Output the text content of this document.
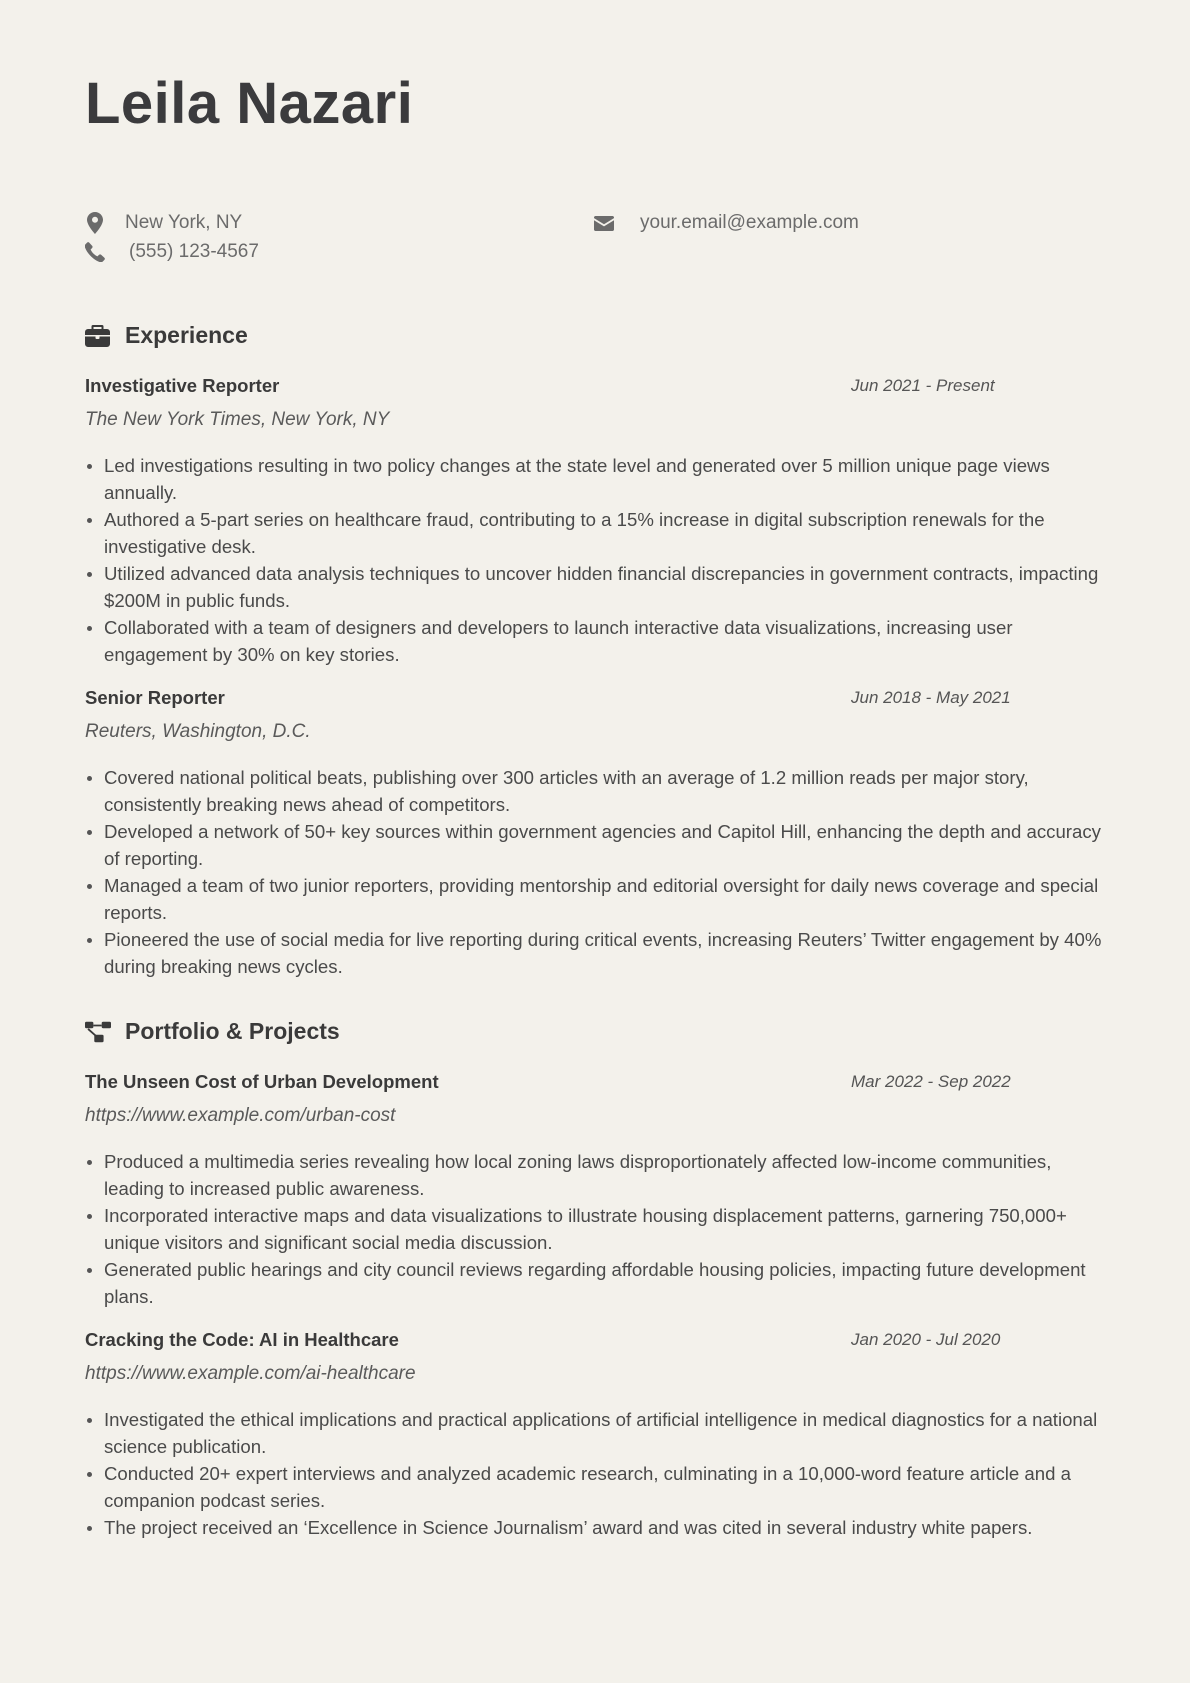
Leila Nazari
New York, NY
(555) 123-4567
your.email@example.com
Experience
Investigative Reporter	Jun 2021 - Present
The New York Times, New York, NY
Led investigations resulting in two policy changes at the state level and generated over 5 million unique page views annually.
Authored a 5-part series on healthcare fraud, contributing to a 15% increase in digital subscription renewals for the investigative desk.
Utilized advanced data analysis techniques to uncover hidden financial discrepancies in government contracts, impacting $200M in public funds.
Collaborated with a team of designers and developers to launch interactive data visualizations, increasing user engagement by 30% on key stories.
Senior Reporter	Jun 2018 - May 2021
Reuters, Washington, D.C.
Covered national political beats, publishing over 300 articles with an average of 1.2 million reads per major story, consistently breaking news ahead of competitors.
Developed a network of 50+ key sources within government agencies and Capitol Hill, enhancing the depth and accuracy of reporting.
Managed a team of two junior reporters, providing mentorship and editorial oversight for daily news coverage and special reports.
Pioneered the use of social media for live reporting during critical events, increasing Reuters’ Twitter engagement by 40% during breaking news cycles.
Portfolio & Projects
The Unseen Cost of Urban Development	Mar 2022 - Sep 2022
https://www.example.com/urban-cost
Produced a multimedia series revealing how local zoning laws disproportionately affected low-income communities, leading to increased public awareness.
Incorporated interactive maps and data visualizations to illustrate housing displacement patterns, garnering 750,000+ unique visitors and significant social media discussion.
Generated public hearings and city council reviews regarding affordable housing policies, impacting future development plans.
Cracking the Code: AI in Healthcare	Jan 2020 - Jul 2020
https://www.example.com/ai-healthcare
Investigated the ethical implications and practical applications of artificial intelligence in medical diagnostics for a national science publication.
Conducted 20+ expert interviews and analyzed academic research, culminating in a 10,000-word feature article and a companion podcast series.
The project received an ‘Excellence in Science Journalism’ award and was cited in several industry white papers.
